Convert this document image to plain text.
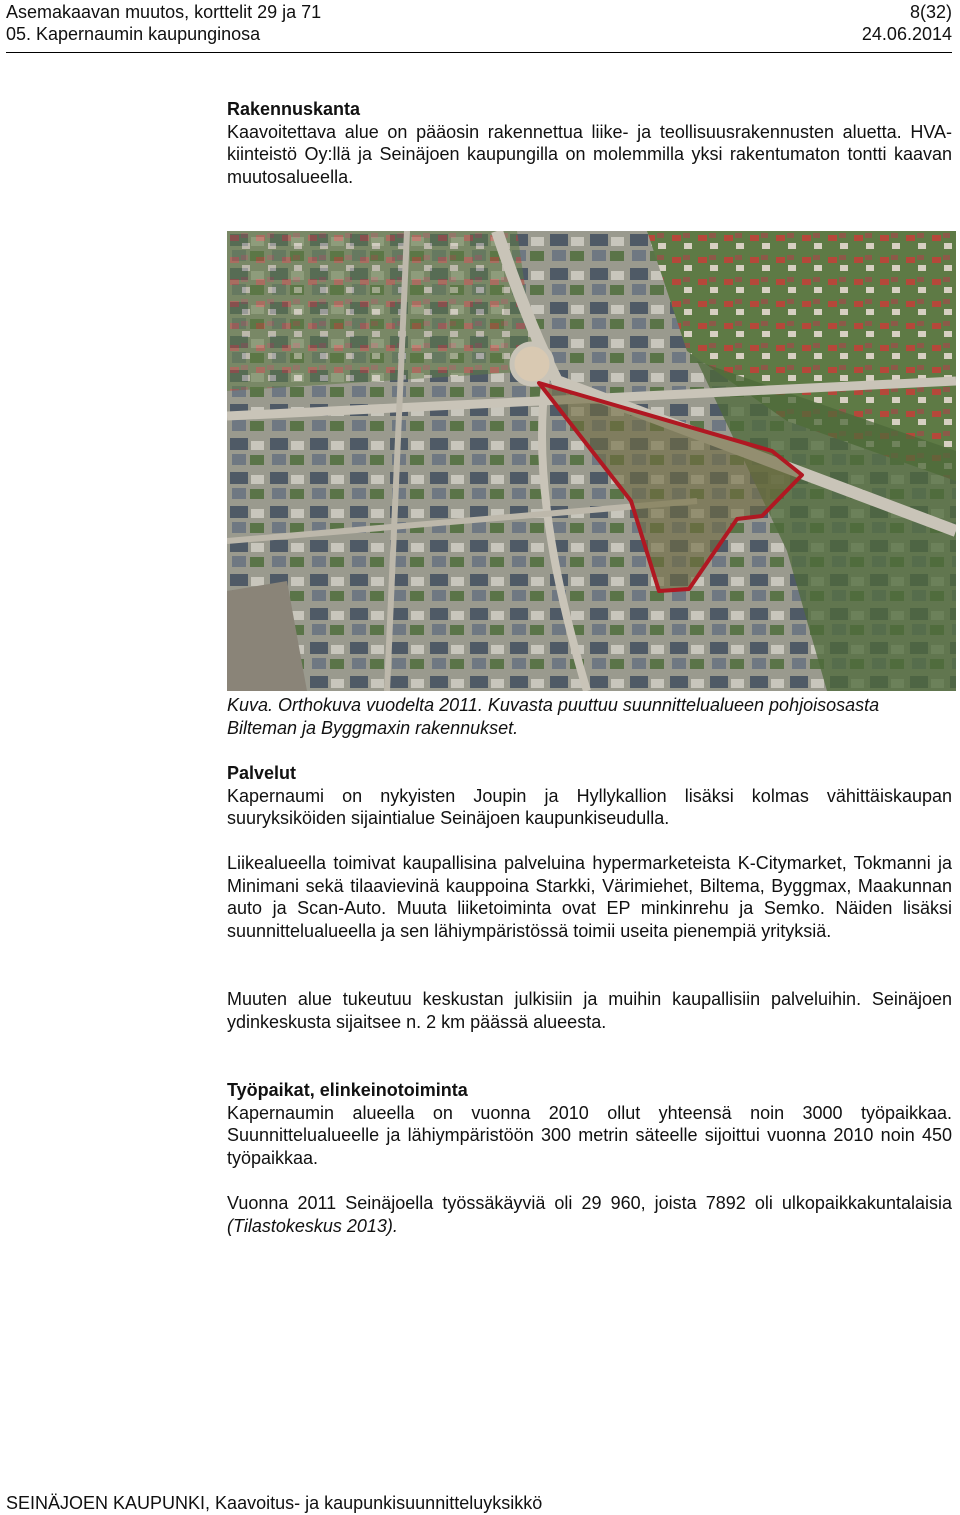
Asemakaavan muutos, korttelit 29 ja 71	8(32)
05. Kapernaumin kaupunginosa	24.06.2014
Rakennuskanta

Kaavoitettava alue on pääosin rakennettua liike- ja teollisuusrakennusten aluetta. HVA-kiinteistö Oy:llä ja Seinäjoen kaupungilla on molemmilla yksi rakentumaton tontti kaavan muutosalueella.

Kuva. Orthokuva vuodelta 2011. Kuvasta puuttuu suunnittelualueen pohjoisosasta

Bilteman ja Byggmaxin rakennukset.

Palvelut

Kapernaumi on nykyisten Joupin ja Hyllykallion lisäksi kolmas vähittäiskaupan suuryksiköiden sijaintialue Seinäjoen kaupunkiseudulla.

Liikealueella toimivat kaupallisina palveluina hypermarketeista K-Citymarket, Tokmanni ja Minimani sekä tilaavievinä kauppoina Starkki, Värimiehet, Biltema, Byggmax, Maakunnan auto ja Scan-Auto. Muuta liiketoiminta ovat EP minkinrehu ja Semko. Näiden lisäksi suunnittelualueella ja sen lähiympäristössä toimii useita pienempiä yrityksiä.

Muuten alue tukeutuu keskustan julkisiin ja muihin kaupallisiin palveluihin. Seinäjoen ydinkeskusta sijaitsee n. 2 km päässä alueesta.

Työpaikat, elinkeinotoiminta

Kapernaumin alueella on vuonna 2010 ollut yhteensä noin 3000 työpaikkaa. Suunnittelualueelle ja lähiympäristöön 300 metrin säteelle sijoittui vuonna 2010 noin 450 työpaikkaa.

Vuonna 2011 Seinäjoella työssäkäyviä oli 29 960, joista 7892 oli ulkopaikkakuntalaisia (Tilastokeskus 2013).

SEINÄJOEN KAUPUNKI, Kaavoitus- ja kaupunkisuunnitteluyksikkö
